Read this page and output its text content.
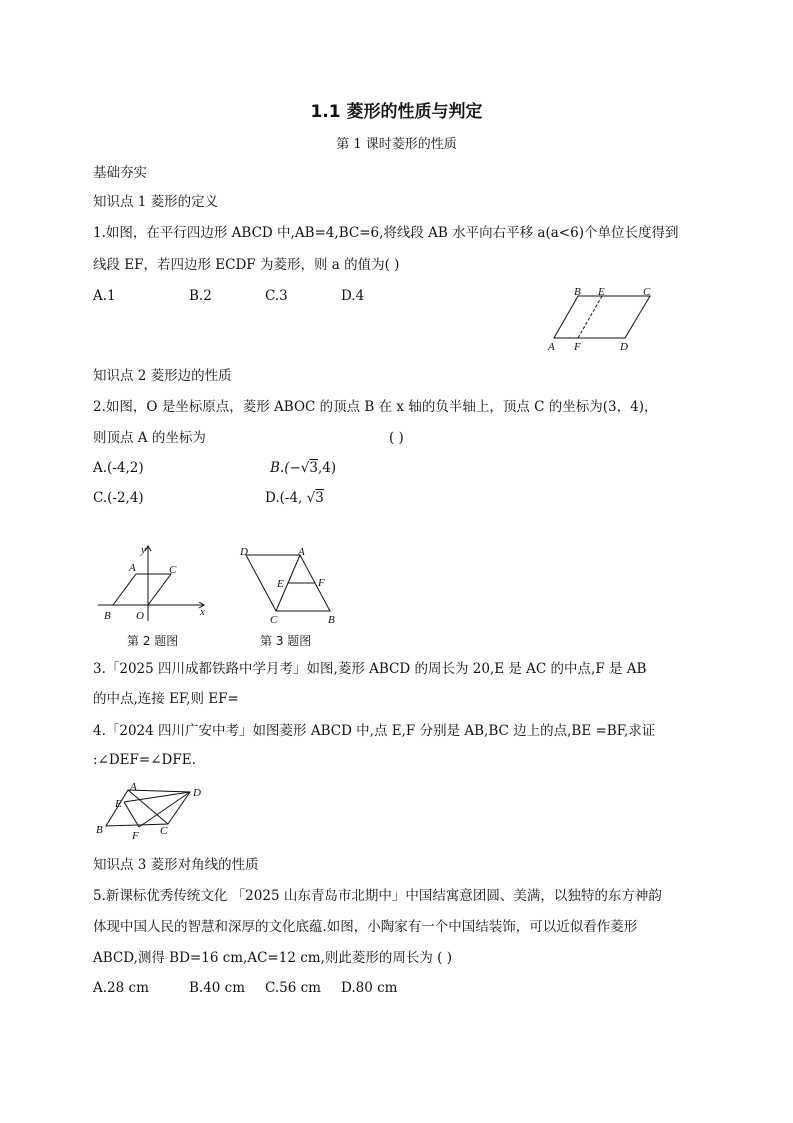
1.1 菱形的性质与判定
第 1 课时菱形的性质
基础夯实
知识点 1 菱形的定义
1.如图，在平行四边形 ABCD 中,AB=4,BC=6,将线段 AB 水平向右平移 a(a<6)个单位长度得到
线段 EF，若四边形 ECDF 为菱形，则 a 的值为( )
A.1	B.2	C.3	D.4	B E	C
A F	D
知识点 2 菱形边的性质
2.如图，O 是坐标原点，菱形 ABOC 的顶点 B 在 x 轴的负半轴上，顶点 C 的坐标为(3，4)，
则顶点 A 的坐标为	( )
A.(-4,2)	B.(−√3,4)
C.(-2,4)	D.(-4, √3
y
A	C
B O	x
第 2 题图
D	A
E	F
C	B
第 3 题图
3.「2025 四川成都铁路中学月考」如图,菱形 ABCD 的周长为 20,E 是 AC 的中点,F 是 AB
的中点,连接 EF,则 EF=
4.「2024 四川广安中考」如图菱形 ABCD 中,点 E,F 分别是 AB,BC 边上的点,BE =BF,求证
:∠DEF=∠DFE.
A	D
E
B	F C
知识点 3 菱形对角线的性质
5.新课标优秀传统文化 「2025 山东青岛市北期中」中国结寓意团圆、美满，以独特的东方神韵
体现中国人民的智慧和深厚的文化底蕴.如图，小陶家有一个中国结装饰，可以近似看作菱形
ABCD,测得 BD=16 cm,AC=12 cm,则此菱形的周长为 ( )
A.28 cm	B.40 cm C.56 cm D.80 cm
